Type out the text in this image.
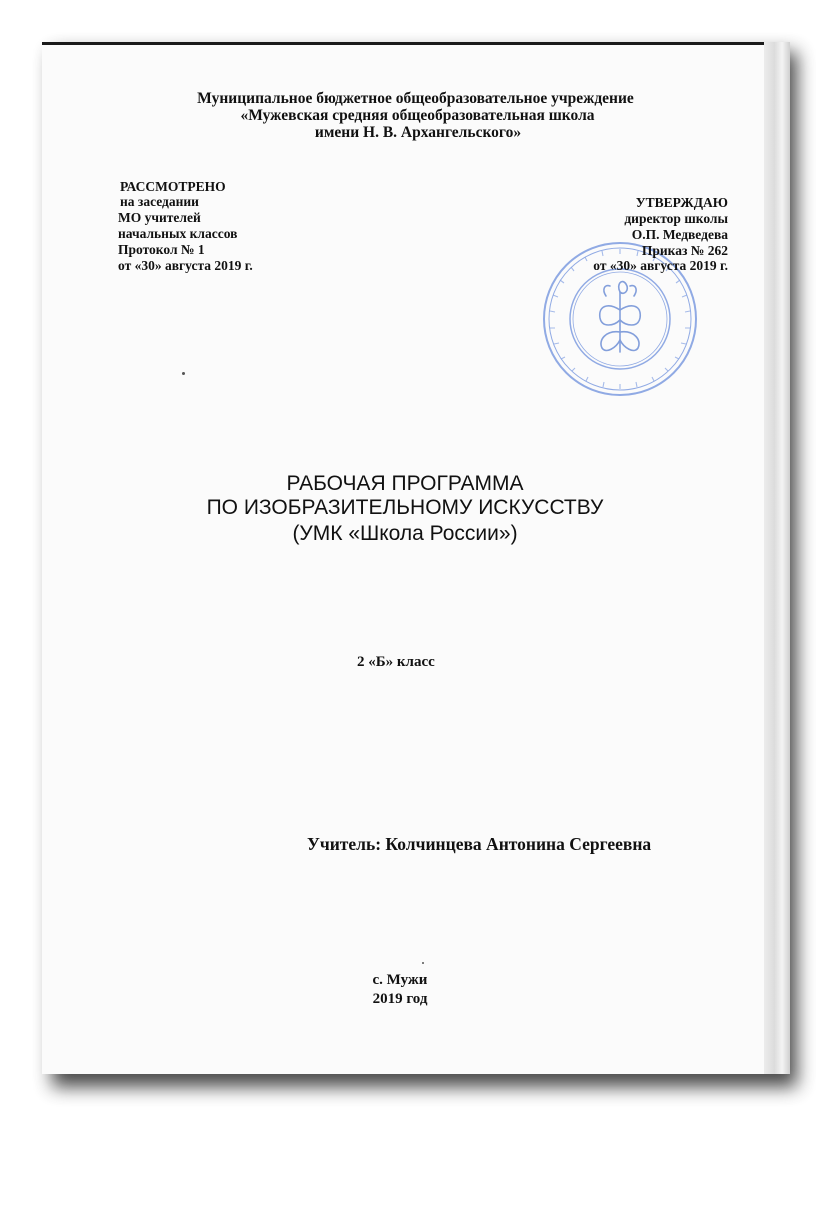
Муниципальное бюджетное общеобразовательное учреждение
«Мужевская средняя общеобразовательная школа
имени Н. В. Архангельского»
РАССМОТРЕНО
на заседании
МО учителей
начальных классов
Протокол № 1
от «30» августа 2019 г.
УТВЕРЖДАЮ
директор школы
О.П. Медведева
Приказ № 262
от «30» августа 2019 г.
РАБОЧАЯ ПРОГРАММА
ПО ИЗОБРАЗИТЕЛЬНОМУ ИСКУССТВУ
(УМК «Школа России»)
2 «Б» класс
Учитель: Колчинцева Антонина Сергеевна
с. Мужи
2019 год
